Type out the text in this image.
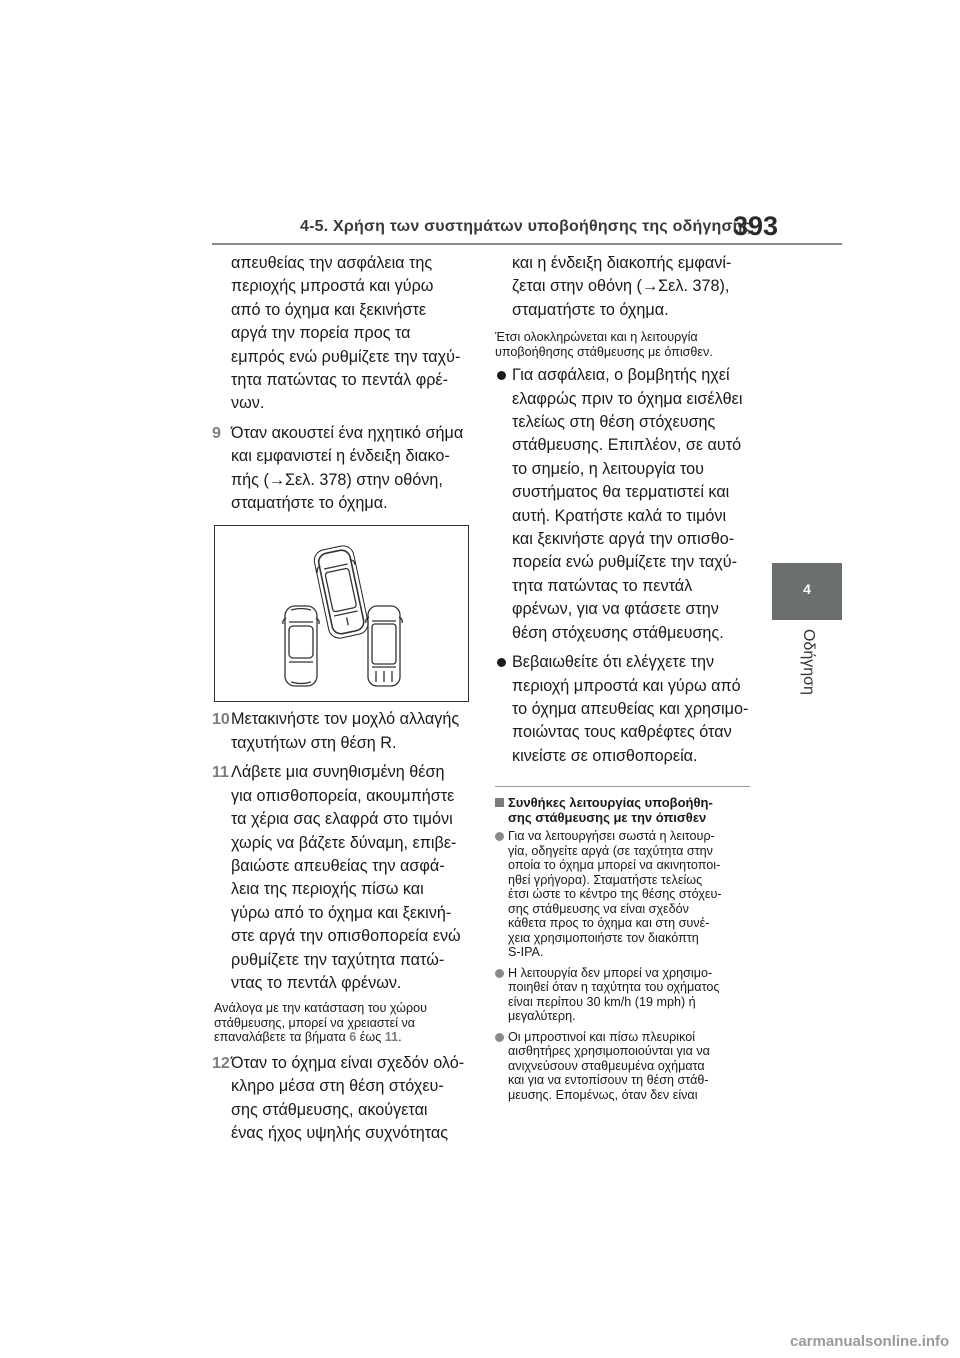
4-5. Χρήση των συστημάτων υποβοήθησης της οδήγησης
393
4
Οδήγηση
απευθείας την ασφάλεια της
περιοχής μπροστά και γύρω
από το όχημα και ξεκινήστε
αργά την πορεία προς τα
εμπρός ενώ ρυθμίζετε την ταχύ-
τητα πατώντας το πεντάλ φρέ-
νων.
9 Όταν ακουστεί ένα ηχητικό σήμα
και εμφανιστεί η ένδειξη διακο-
πής (→Σελ. 378) στην οθόνη,
σταματήστε το όχημα.
10 Μετακινήστε τον μοχλό αλλαγής
ταχυτήτων στη θέση R.
11 Λάβετε μια συνηθισμένη θέση
για οπισθοπορεία, ακουμπήστε
τα χέρια σας ελαφρά στο τιμόνι
χωρίς να βάζετε δύναμη, επιβε-
βαιώστε απευθείας την ασφά-
λεια της περιοχής πίσω και
γύρω από το όχημα και ξεκινή-
στε αργά την οπισθοπορεία ενώ
ρυθμίζετε την ταχύτητα πατώ-
ντας το πεντάλ φρένων.
Ανάλογα με την κατάσταση του χώρου
στάθμευσης, μπορεί να χρειαστεί να
επαναλάβετε τα βήματα 6 έως 11.
12 Όταν το όχημα είναι σχεδόν ολό-
κληρο μέσα στη θέση στόχευ-
σης στάθμευσης, ακούγεται
ένας ήχος υψηλής συχνότητας
και η ένδειξη διακοπής εμφανί-
ζεται στην οθόνη (→Σελ. 378),
σταματήστε το όχημα.
Έτσι ολοκληρώνεται και η λειτουργία
υποβοήθησης στάθμευσης με όπισθεν.
Για ασφάλεια, ο βομβητής ηχεί
ελαφρώς πριν το όχημα εισέλθει
τελείως στη θέση στόχευσης
στάθμευσης. Επιπλέον, σε αυτό
το σημείο, η λειτουργία του
συστήματος θα τερματιστεί και
αυτή. Κρατήστε καλά το τιμόνι
και ξεκινήστε αργά την οπισθο-
πορεία ενώ ρυθμίζετε την ταχύ-
τητα πατώντας το πεντάλ
φρένων, για να φτάσετε στην
θέση στόχευσης στάθμευσης.
Βεβαιωθείτε ότι ελέγχετε την
περιοχή μπροστά και γύρω από
το όχημα απευθείας και χρησιμο-
ποιώντας τους καθρέφτες όταν
κινείστε σε οπισθοπορεία.
Συνθήκες λειτουργίας υποβοήθη-
σης στάθμευσης με την όπισθεν
Για να λειτουργήσει σωστά η λειτουρ-
γία, οδηγείτε αργά (σε ταχύτητα στην
οποία το όχημα μπορεί να ακινητοποι-
ηθεί γρήγορα). Σταματήστε τελείως
έτσι ώστε το κέντρο της θέσης στόχευ-
σης στάθμευσης να είναι σχεδόν
κάθετα προς το όχημα και στη συνέ-
χεια χρησιμοποιήστε τον διακόπτη
S-IPA.
Η λειτουργία δεν μπορεί να χρησιμο-
ποιηθεί όταν η ταχύτητα του οχήματος
είναι περίπου 30 km/h (19 mph) ή
μεγαλύτερη.
Οι μπροστινοί και πίσω πλευρικοί
αισθητήρες χρησιμοποιούνται για να
ανιχνεύσουν σταθμευμένα οχήματα
και για να εντοπίσουν τη θέση στάθ-
μευσης. Επομένως, όταν δεν είναι
carmanualsonline.info
